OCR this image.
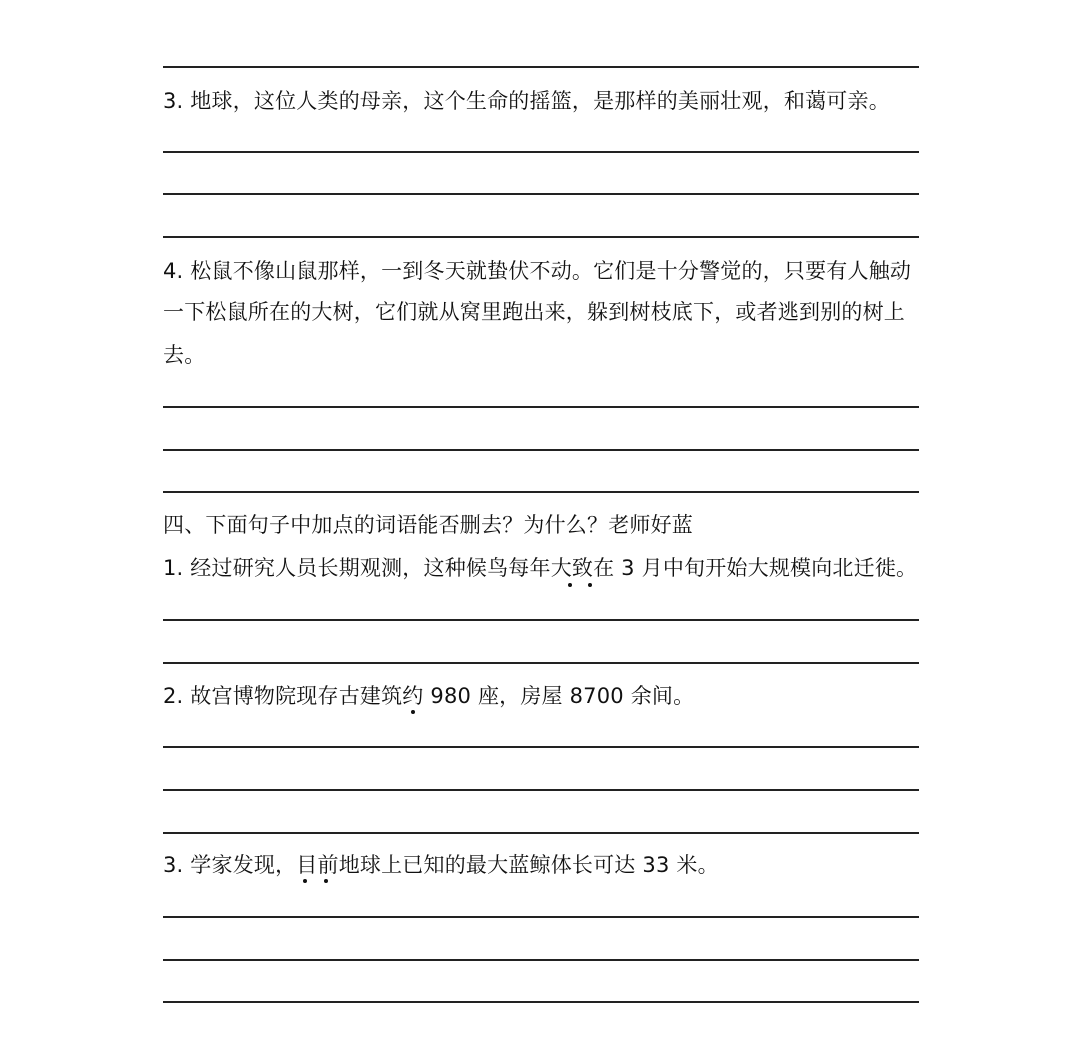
3. 地球，这位人类的母亲，这个生命的摇篮，是那样的美丽壮观，和蔼可亲。
4. 松鼠不像山鼠那样，一到冬天就蛰伏不动。它们是十分警觉的，只要有人触动
一下松鼠所在的大树，它们就从窝里跑出来，躲到树枝底下，或者逃到别的树上
去。
四、下面句子中加点的词语能否删去？为什么？老师好蓝
1. 经过研究人员长期观测，这种候鸟每年大致在 3 月中旬开始大规模向北迁徙。
2. 故宫博物院现存古建筑约 980 座，房屋 8700 余间。
3. 学家发现，目前地球上已知的最大蓝鲸体长可达 33 米。
